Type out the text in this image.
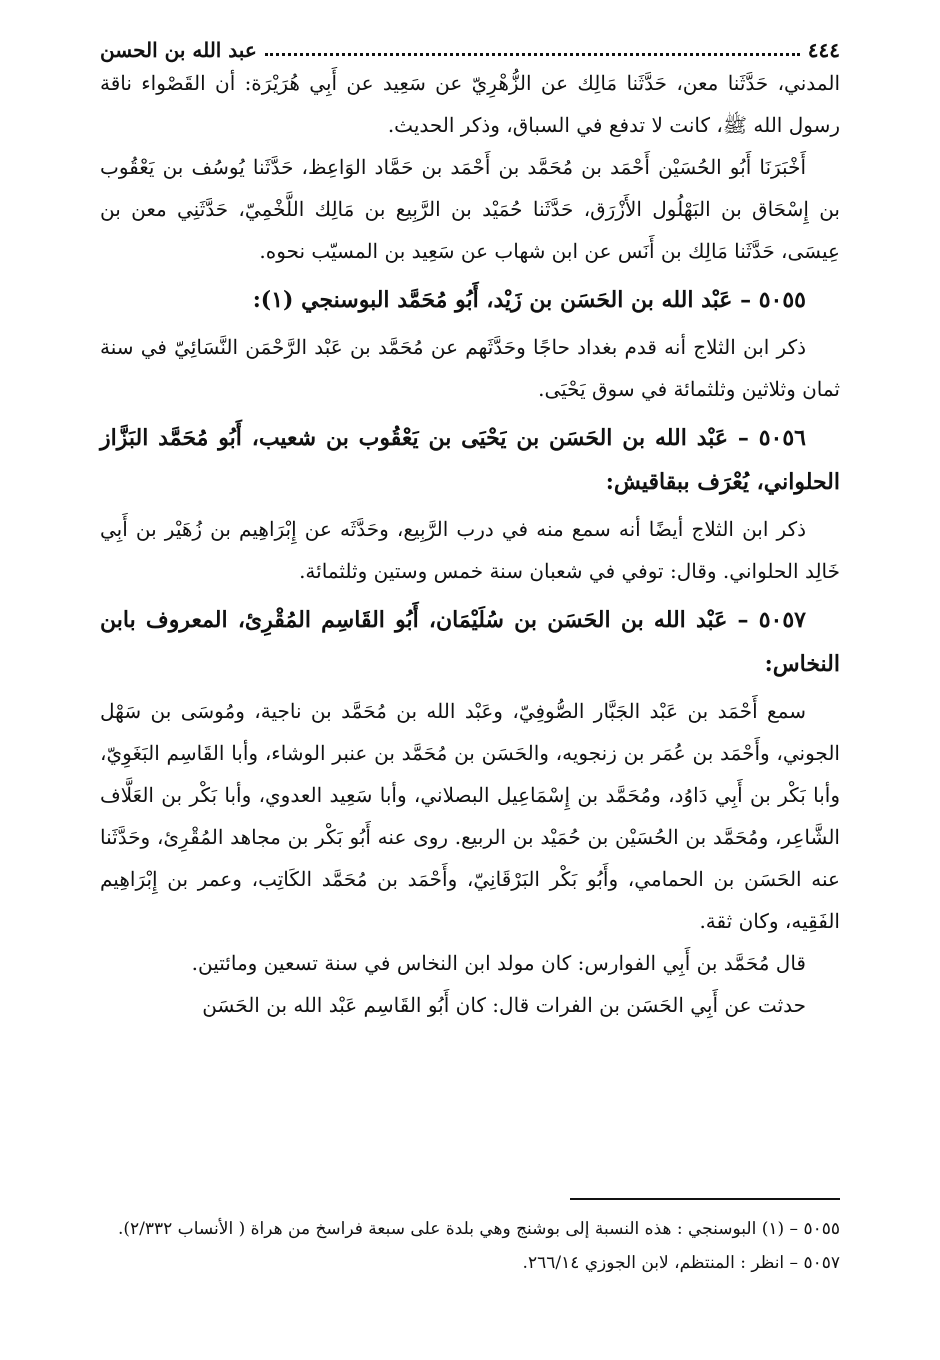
٤٤٤
عبد الله بن الحسن

المدني، حَدَّثَنا معن، حَدَّثَنا مَالِك عن الزُّهْرِيّ عن سَعِيد عن أَبِي هُرَيْرَة: أن القَصْواء ناقة رسول الله ﷺ، كانت لا تدفع في السباق، وذكر الحديث.

أَخْبَرَنَا أَبُو الحُسَيْن أَحْمَد بن مُحَمَّد بن أَحْمَد بن حَمَّاد الوَاعِظ، حَدَّثَنا يُوسُف بن يَعْقُوب بن إِسْحَاق بن البَهْلُول الأَزْرَق، حَدَّثَنا حُمَيْد بن الرَّبِيع بن مَالِك اللَّخْمِيّ، حَدَّثَنِي معن بن عِيسَى، حَدَّثَنا مَالِك بن أَنَس عن ابن شهاب عن سَعِيد بن المسيّب نحوه.

٥٠٥٥ – عَبْد الله بن الحَسَن بن زَيْد، أَبُو مُحَمَّد البوسنجي (١):

ذكر ابن الثلاج أنه قدم بغداد حاجًا وحَدَّثَهم عن مُحَمَّد بن عَبْد الرَّحْمَن النَّسَائِيّ في سنة ثمان وثلاثين وثلثمائة في سوق يَحْيَى.

٥٠٥٦ – عَبْد الله بن الحَسَن بن يَحْيَى بن يَعْقُوب بن شعيب، أَبُو مُحَمَّد البَزَّاز الحلواني، يُعْرَف ببقاقيش:

ذكر ابن الثلاج أيضًا أنه سمع منه في درب الرَّبِيع، وحَدَّثَه عن إِبْرَاهِيم بن زُهَيْر بن أَبِي خَالِد الحلواني. وقال: توفي في شعبان سنة خمس وستين وثلثمائة.

٥٠٥٧ – عَبْد الله بن الحَسَن بن سُلَيْمَان، أَبُو القَاسِم المُقْرِئ، المعروف بابن النخاس:

سمع أَحْمَد بن عَبْد الجَبَّار الصُّوفِيّ، وعَبْد الله بن مُحَمَّد بن ناجية، ومُوسَى بن سَهْل الجوني، وأَحْمَد بن عُمَر بن زنجويه، والحَسَن بن مُحَمَّد بن عنبر الوشاء، وأبا القَاسِم البَغَوِيّ، وأبا بَكْر بن أَبِي دَاوُد، ومُحَمَّد بن إِسْمَاعِيل البصلاني، وأبا سَعِيد العدوي، وأبا بَكْر بن العَلَّاف الشَّاعِر، ومُحَمَّد بن الحُسَيْن بن حُمَيْد بن الربيع. روى عنه أَبُو بَكْر بن مجاهد المُقْرِئ، وحَدَّثَنا عنه الحَسَن بن الحمامي، وأَبُو بَكْر البَرْقَانِيّ، وأَحْمَد بن مُحَمَّد الكَاتِب، وعمر بن إِبْرَاهِيم الفَقِيه، وكان ثقة.

قال مُحَمَّد بن أَبِي الفوارس: كان مولد ابن النخاس في سنة تسعين ومائتين.

حدثت عن أَبِي الحَسَن بن الفرات قال: كان أَبُو القَاسِم عَبْد الله بن الحَسَن

٥٠٥٥ – (١) البوسنجي : هذه النسبة إلى بوشنج وهي بلدة على سبعة فراسخ من هراة ( الأنساب ٢/٣٣٢).

٥٠٥٧ – انظر : المنتظم، لابن الجوزي ٢٦٦/١٤.
